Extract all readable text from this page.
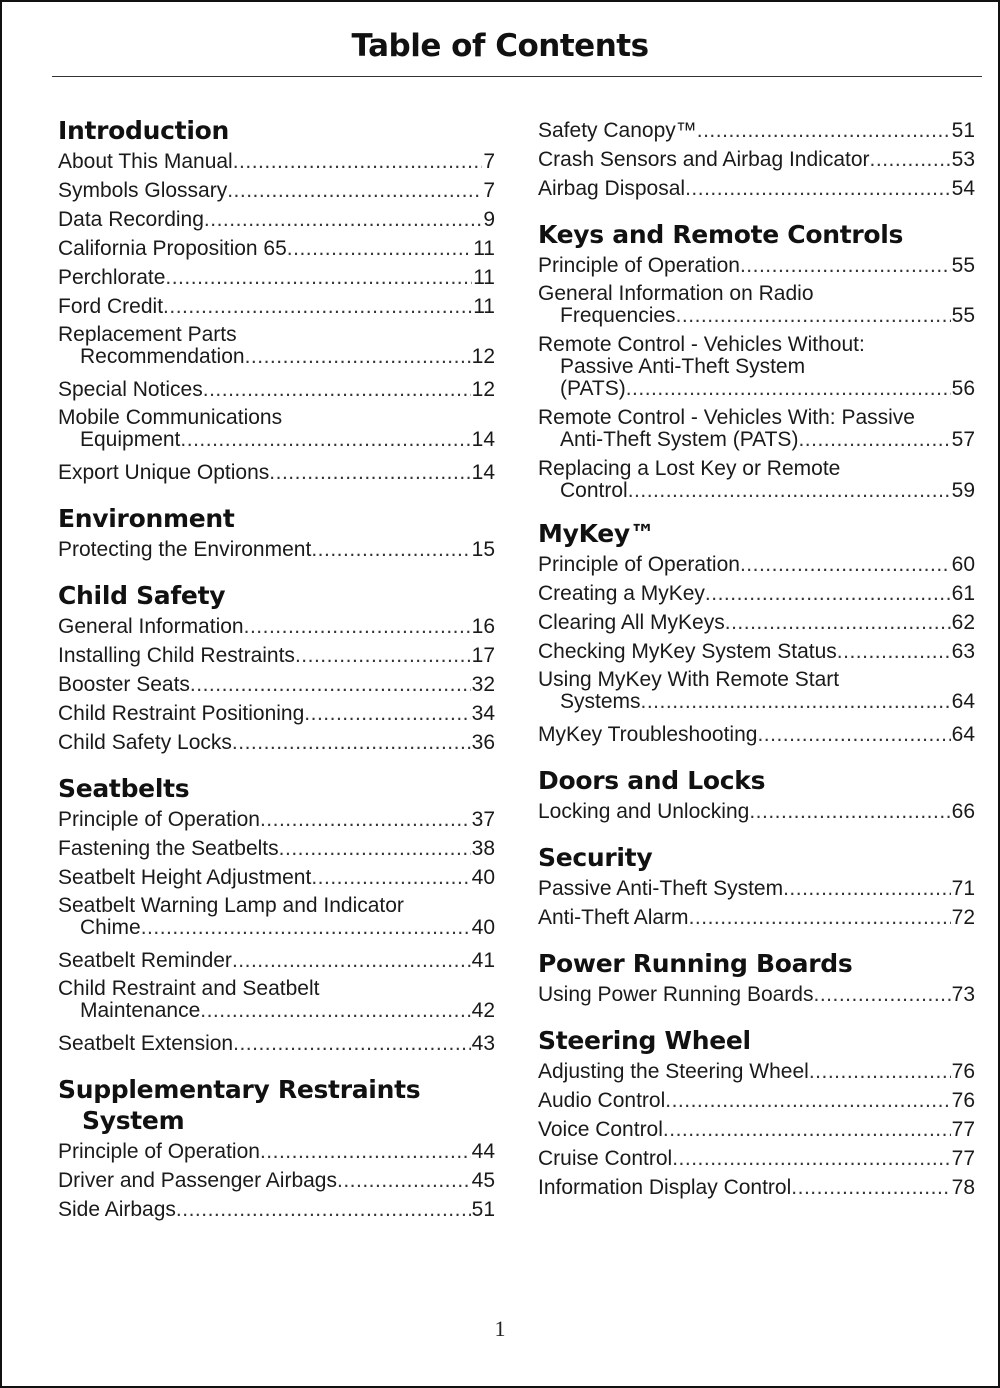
Table of Contents
Introduction
About This Manual .....	7
Symbols Glossary .....	7
Data Recording .....	9
California Proposition 65 .....	11
Perchlorate .....	11
Ford Credit .....	11
Replacement Parts
Recommendation .....	12
Special Notices .....	12
Mobile Communications
Equipment .....	14
Export Unique Options .....	14
Environment
Protecting the Environment .....	15
Child Safety
General Information .....	16
Installing Child Restraints .....	17
Booster Seats .....	32
Child Restraint Positioning .....	34
Child Safety Locks .....	36
Seatbelts
Principle of Operation .....	37
Fastening the Seatbelts .....	38
Seatbelt Height Adjustment .....	40
Seatbelt Warning Lamp and Indicator
Chime .....	40
Seatbelt Reminder .....	41
Child Restraint and Seatbelt
Maintenance .....	42
Seatbelt Extension .....	43
Supplementary Restraints
System
Principle of Operation .....	44
Driver and Passenger Airbags .....	45
Side Airbags .....	51
Safety Canopy™ .....	51
Crash Sensors and Airbag Indicator .....	53
Airbag Disposal .....	54
Keys and Remote Controls
Principle of Operation .....	55
General Information on Radio
Frequencies .....	55
Remote Control - Vehicles Without:
Passive Anti-Theft System
(PATS) .....	56
Remote Control - Vehicles With: Passive
Anti-Theft System (PATS) .....	57
Replacing a Lost Key or Remote
Control .....	59
MyKey™
Principle of Operation .....	60
Creating a MyKey .....	61
Clearing All MyKeys .....	62
Checking MyKey System Status .....	63
Using MyKey With Remote Start
Systems .....	64
MyKey Troubleshooting .....	64
Doors and Locks
Locking and Unlocking .....	66
Security
Passive Anti-Theft System .....	71
Anti-Theft Alarm .....	72
Power Running Boards
Using Power Running Boards .....	73
Steering Wheel
Adjusting the Steering Wheel .....	76
Audio Control .....	76
Voice Control .....	77
Cruise Control .....	77
Information Display Control .....	78
1
